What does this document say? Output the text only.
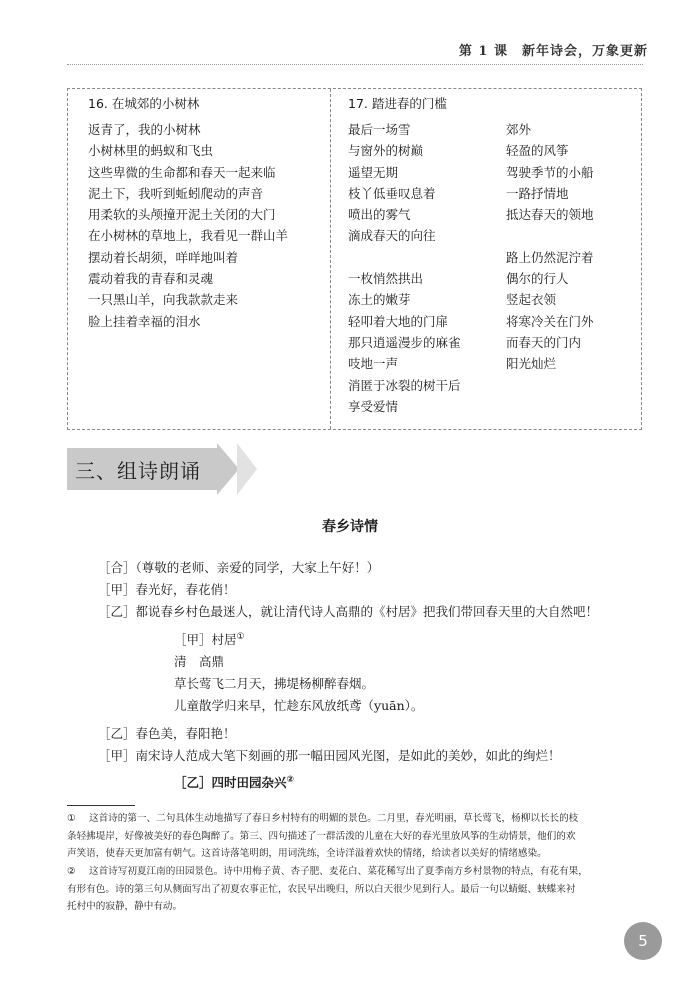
第 1 课　新年诗会，万象更新
16. 在城郊的小树林
返青了，我的小树林
小树林里的蚂蚁和飞虫
这些卑微的生命都和春天一起来临
泥土下，我听到蚯蚓爬动的声音
用柔软的头颅撞开泥土关闭的大门
在小树林的草地上，我看见一群山羊
摆动着长胡须，咩咩地叫着
震动着我的青春和灵魂
一只黑山羊，向我款款走来
脸上挂着幸福的泪水
17. 踏进春的门槛
最后一场雪
与窗外的树巅
遥望无期
枝丫低垂叹息着
喷出的雾气
滴成春天的向往
一枚悄然拱出
冻土的嫩芽
轻叩着大地的门扉
那只逍遥漫步的麻雀
吱地一声
消匿于冰裂的树干后
享受爱情
郊外
轻盈的风筝
驾驶季节的小船
一路抒情地
抵达春天的领地
路上仍然泥泞着
偶尔的行人
竖起衣领
将寒冷关在门外
而春天的门内
阳光灿烂
三、组诗朗诵
春乡诗情
［合］（尊敬的老师、亲爱的同学，大家上午好！）
［甲］春光好，春花俏！
［乙］都说春乡村色最迷人，就让清代诗人高鼎的《村居》把我们带回春天里的大自然吧！
［甲］村居①
清　高鼎
草长莺飞二月天，拂堤杨柳醉春烟。
儿童散学归来早，忙趁东风放纸鸢（yuān）。
［乙］春色美，春阳艳！
［甲］南宋诗人范成大笔下刻画的那一幅田园风光图，是如此的美妙，如此的绚烂！
［乙］四时田园杂兴②
① 这首诗的第一、二句具体生动地描写了春日乡村特有的明媚的景色。二月里，春光明丽，草长莺飞，杨柳以长长的枝
条轻拂堤岸，好像被美好的春色陶醉了。第三、四句描述了一群活泼的儿童在大好的春光里放风筝的生动情景，他们的欢
声笑语，使春天更加富有朝气。这首诗落笔明朗，用词洗练，全诗洋溢着欢快的情绪，给读者以美好的情绪感染。
② 这首诗写初夏江南的田园景色。诗中用梅子黄、杏子肥、麦花白、菜花稀写出了夏季南方乡村景物的特点，有花有果，
有形有色。诗的第三句从侧面写出了初夏农事正忙，农民早出晚归，所以白天很少见到行人。最后一句以蜻蜓、蛱蝶来衬
托村中的寂静，静中有动。
5
